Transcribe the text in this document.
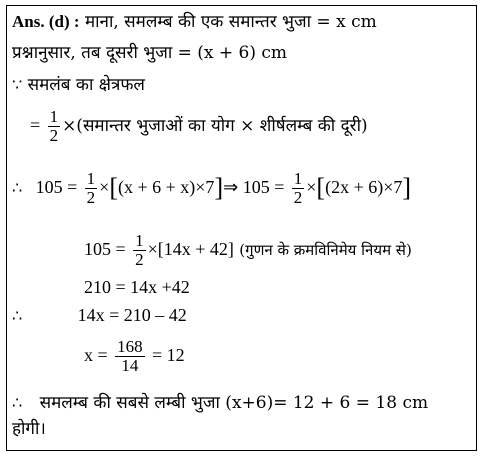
Ans. (d) : माना, समलम्ब की एक समान्तर भुजा = x cm
प्रश्नानुसार, तब दूसरी भुजा = (x + 6) cm
∵ समलंब का क्षेत्रफल
= $\frac{1}{2}$ ×(समान्तर भुजाओं का योग × शीर्षलम्ब की दूरी)
∴ $105 = \frac{1}{2} \times[(x + 6$ + x)×7]⇒ $105 = \frac{1}{2} \times[(2x + 6)\times 7]$
$105 = \frac{1}{2} \times[14x + 42]$ (गुणन के क्रमविनिमेय नियम से)
210 = 14x +42
∴	14x = 210 – 42
$x = \frac{168}{14} = 12$
∴ समलम्ब की सबसे लम्बी भुजा (x+6)= 12 + 6 = 18 cm
होगी।
